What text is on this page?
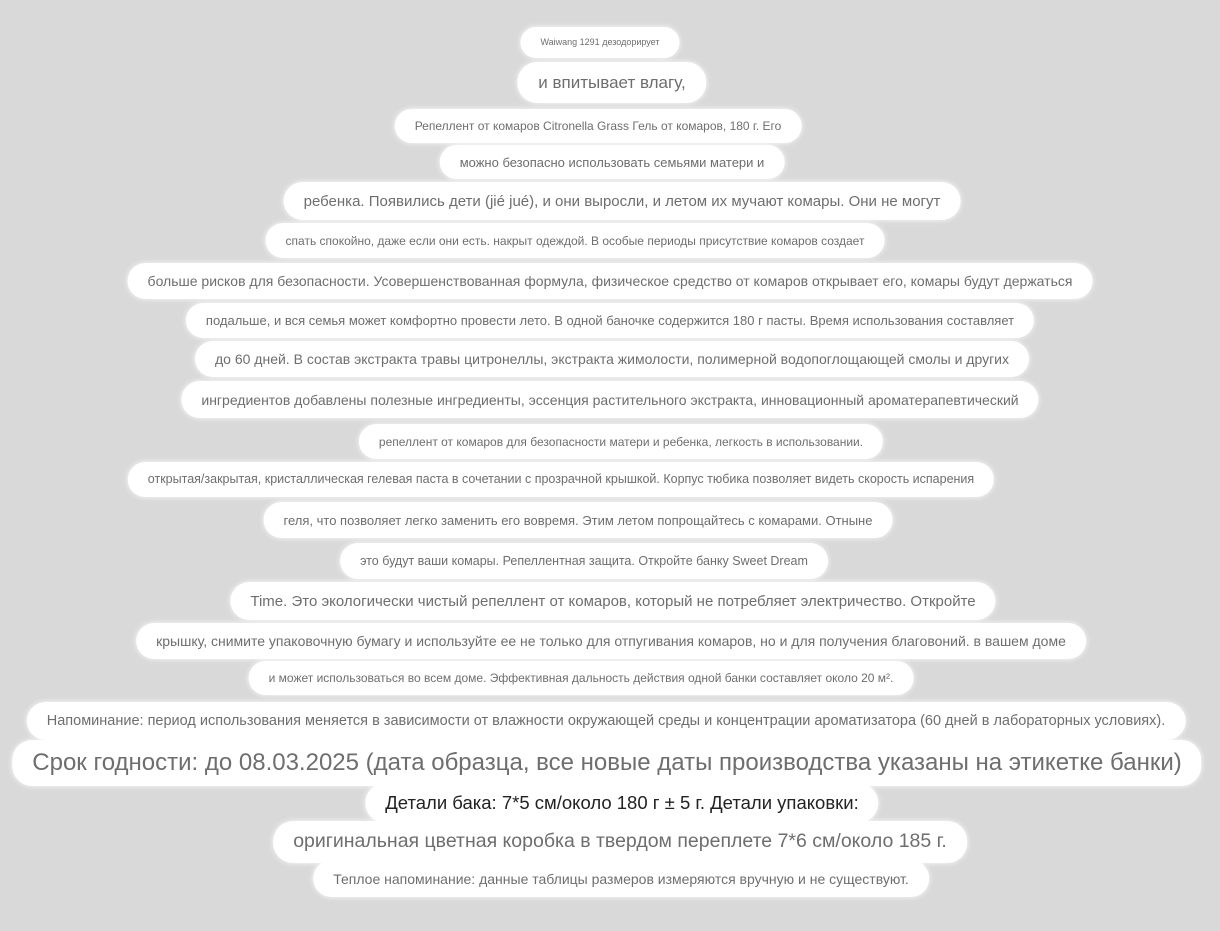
Waiwang 1291 дезодорирует
и впитывает влагу,
Репеллент от комаров Citronella Grass Гель от комаров, 180 г. Его
можно безопасно использовать семьями матери и
ребенка. Появились дети (jié jué), и они выросли, и летом их мучают комары. Они не могут
спать спокойно, даже если они есть. накрыт одеждой. В особые периоды присутствие комаров создает
больше рисков для безопасности. Усовершенствованная формула, физическое средство от комаров открывает его, комары будут держаться
подальше, и вся семья может комфортно провести лето. В одной баночке содержится 180 г пасты. Время использования составляет
до 60 дней. В состав экстракта травы цитронеллы, экстракта жимолости, полимерной водопоглощающей смолы и других
ингредиентов добавлены полезные ингредиенты, эссенция растительного экстракта, инновационный ароматерапевтический
репеллент от комаров для безопасности матери и ребенка, легкость в использовании.
открытая/закрытая, кристаллическая гелевая паста в сочетании с прозрачной крышкой. Корпус тюбика позволяет видеть скорость испарения
геля, что позволяет легко заменить его вовремя. Этим летом попрощайтесь с комарами. Отныне
это будут ваши комары. Репеллентная защита. Откройте банку Sweet Dream
Time. Это экологически чистый репеллент от комаров, который не потребляет электричество. Откройте
крышку, снимите упаковочную бумагу и используйте ее не только для отпугивания комаров, но и для получения благовоний. в вашем доме
и может использоваться во всем доме. Эффективная дальность действия одной банки составляет около 20 м².
Напоминание: период использования меняется в зависимости от влажности окружающей среды и концентрации ароматизатора (60 дней в лабораторных условиях).
Срок годности: до 08.03.2025 (дата образца, все новые даты производства указаны на этикетке банки)
Детали бака: 7*5 см/около 180 г ± 5 г. Детали упаковки:
оригинальная цветная коробка в твердом переплете 7*6 см/около 185 г.
Теплое напоминание: данные таблицы размеров измеряются вручную и не существуют.
